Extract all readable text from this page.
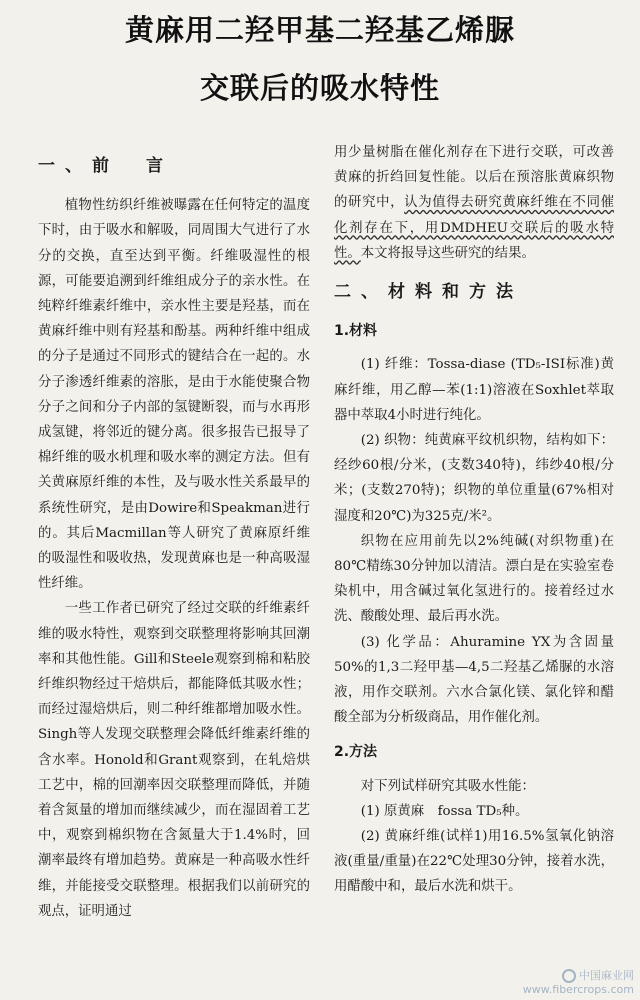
黄麻用二羟甲基二羟基乙烯脲
交联后的吸水特性

一、前　言

植物性纺织纤维被曝露在任何特定的温度下时，由于吸水和解吸，同周围大气进行了水分的交换，直至达到平衡。纤维吸湿性的根源，可能要追溯到纤维组成分子的亲水性。在纯粹纤维素纤维中，亲水性主要是羟基，而在黄麻纤维中则有羟基和酚基。两种纤维中组成的分子是通过不同形式的键结合在一起的。水分子渗透纤维素的溶胀，是由于水能使聚合物分子之间和分子内部的氢键断裂，而与水再形成氢键，将邻近的键分离。很多报告已报导了棉纤维的吸水机理和吸水率的测定方法。但有关黄麻原纤维的本性，及与吸水性关系最早的系统性研究，是由Dowire和Speakman进行的。其后Macmillan等人研究了黄麻原纤维的吸湿性和吸收热，发现黄麻也是一种高吸湿性纤维。

一些工作者已研究了经过交联的纤维素纤维的吸水特性，观察到交联整理将影响其回潮率和其他性能。Gill和Steele观察到棉和粘胶纤维织物经过干焙烘后，都能降低其吸水性；而经过湿焙烘后，则二种纤维都增加吸水性。Singh等人发现交联整理会降低纤维素纤维的含水率。Honold和Grant观察到，在轧焙烘工艺中，棉的回潮率因交联整理而降低，并随着含氮量的增加而继续减少，而在湿固着工艺中，观察到棉织物在含氮量大于1.4%时，回潮率最终有增加趋势。黄麻是一种高吸水性纤维，并能接受交联整理。根据我们以前研究的观点，证明通过

用少量树脂在催化剂存在下进行交联，可改善黄麻的折绉回复性能。以后在预溶胀黄麻织物的研究中，认为值得去研究黄麻纤维在不同催化剂存在下，用DMDHEU交联后的吸水特性。本文将报导这些研究的结果。

二、材料和方法

1.材料

(1) 纤维：Tossa-diase (TD₅-ISI标准)黄麻纤维，用乙醇—苯(1:1)溶液在Soxhlet萃取器中萃取4小时进行纯化。

(2) 织物：纯黄麻平纹机织物，结构如下：经纱60根/分米，(支数340特)，纬纱40根/分米；(支数270特)；织物的单位重量(67%相对湿度和20℃)为325克/米²。

织物在应用前先以2%纯碱(对织物重)在80℃精练30分钟加以清洁。漂白是在实验室卷染机中，用含碱过氧化氢进行的。接着经过水洗、酸酸处理、最后再水洗。

(3) 化学品：Ahuramine YX为含固量50%的1,3二羟甲基—4,5二羟基乙烯脲的水溶液，用作交联剂。六水合氯化镁、氯化锌和醋酸全部为分析级商品，用作催化剂。

2.方法

对下列试样研究其吸水性能：

(1) 原黄麻　fossa TD₅种。

(2) 黄麻纤维(试样1)用16.5%氢氧化钠溶液(重量/重量)在22℃处理30分钟，接着水洗，用醋酸中和，最后水洗和烘干。

中国麻业网
www.fibercrops.com
